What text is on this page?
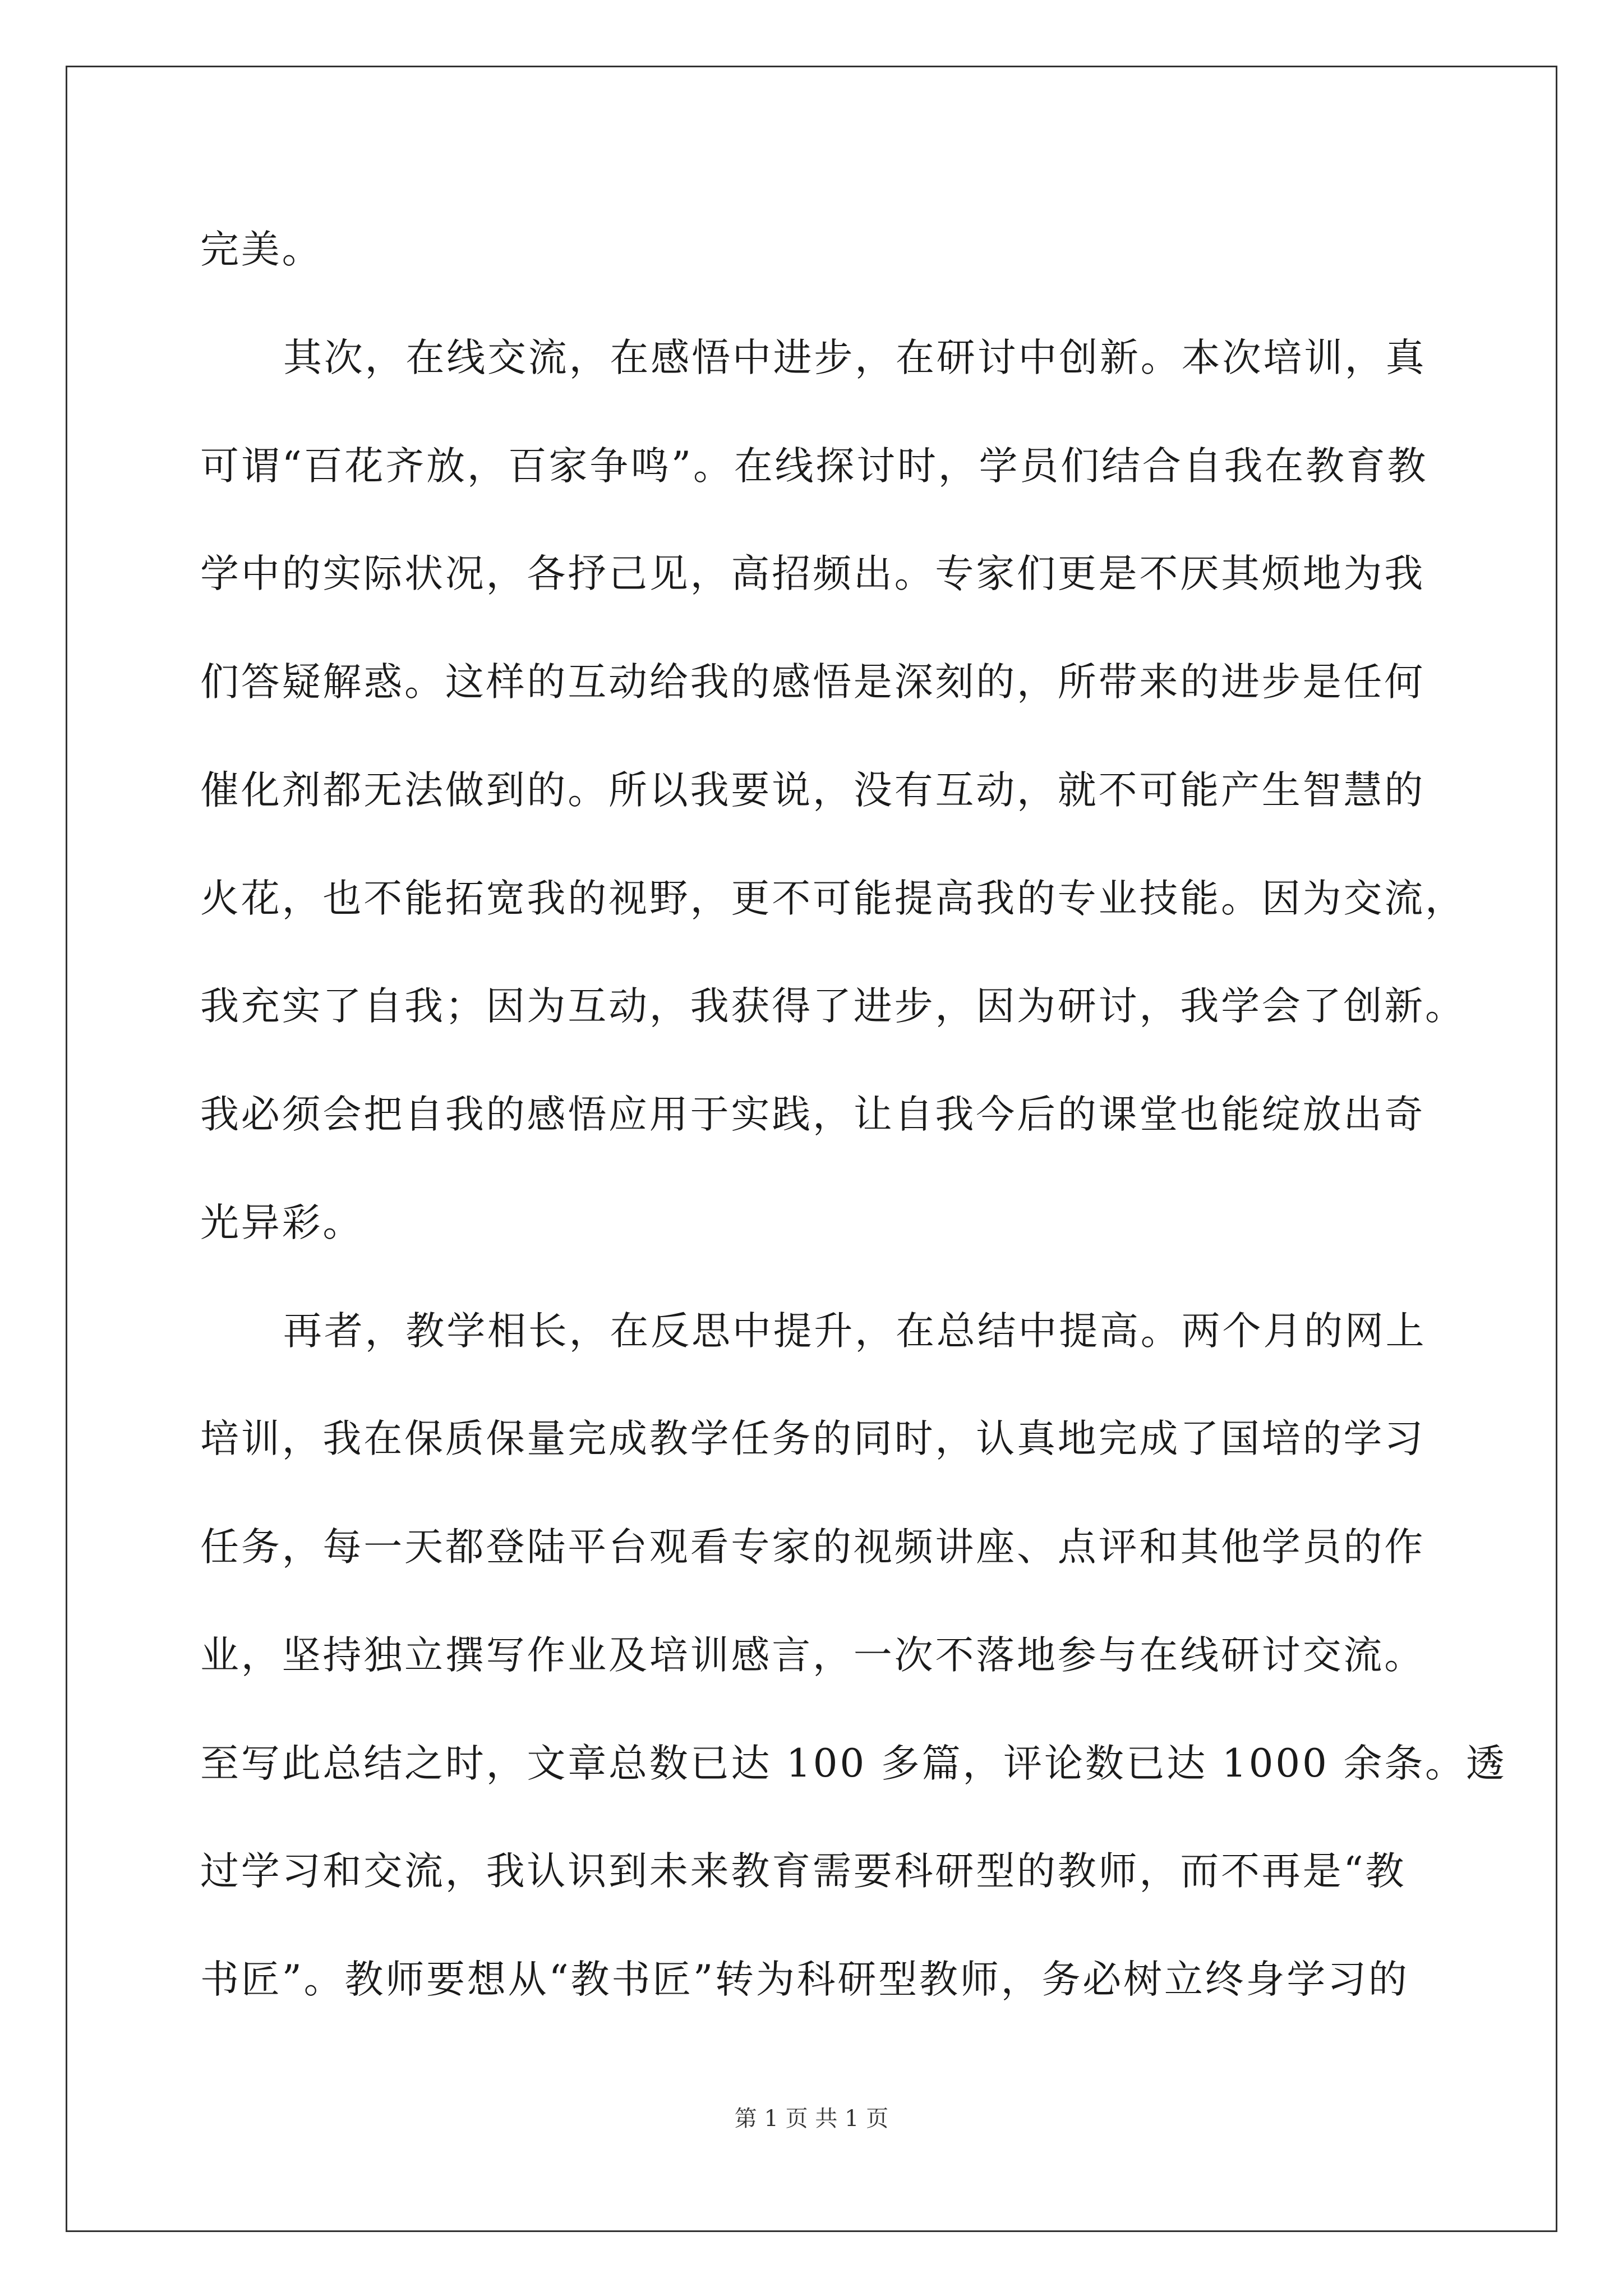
完美。
其次，在线交流，在感悟中进步，在研讨中创新。本次培训，真
可谓“百花齐放，百家争鸣”。在线探讨时，学员们结合自我在教育教
学中的实际状况，各抒己见，高招频出。专家们更是不厌其烦地为我
们答疑解惑。这样的互动给我的感悟是深刻的，所带来的进步是任何
催化剂都无法做到的。所以我要说，没有互动，就不可能产生智慧的
火花，也不能拓宽我的视野，更不可能提高我的专业技能。因为交流，
我充实了自我；因为互动，我获得了进步，因为研讨，我学会了创新。
我必须会把自我的感悟应用于实践，让自我今后的课堂也能绽放出奇
光异彩。
再者，教学相长，在反思中提升，在总结中提高。两个月的网上
培训，我在保质保量完成教学任务的同时，认真地完成了国培的学习
任务，每一天都登陆平台观看专家的视频讲座、点评和其他学员的作
业，坚持独立撰写作业及培训感言，一次不落地参与在线研讨交流。
至写此总结之时，文章总数已达 100 多篇，评论数已达 1000 余条。透
过学习和交流，我认识到未来教育需要科研型的教师，而不再是“教
书匠”。教师要想从“教书匠”转为科研型教师，务必树立终身学习的
第 1 页 共 1 页
